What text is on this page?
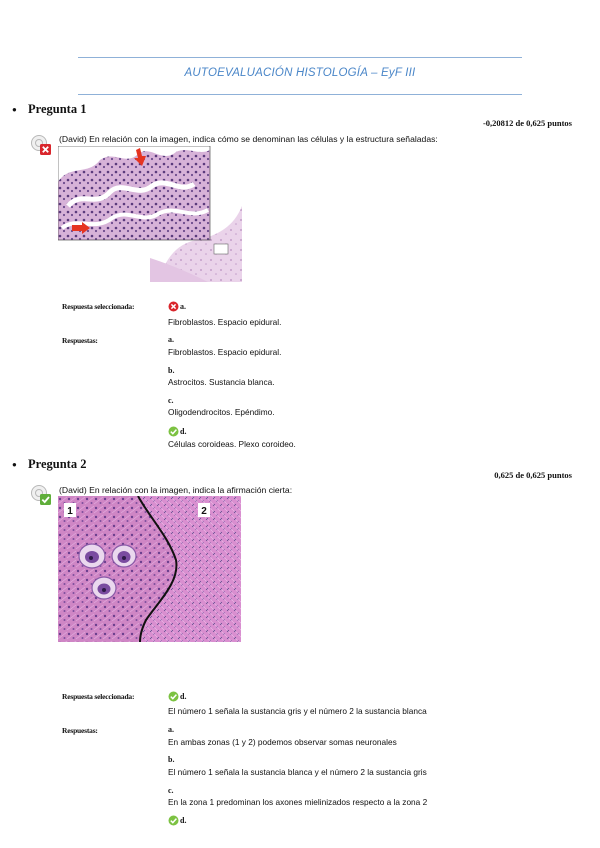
AUTOEVALUACIÓN HISTOLOGÍA – EyF III
● Pregunta 1
-0,20812 de 0,625 puntos
(David) En relación con la imagen, indica cómo se denominan las células y la estructura señaladas:
Respuesta seleccionada:	a.
Fibroblastos. Espacio epidural.
Respuestas:	a.
Fibroblastos. Espacio epidural.
b.
Astrocitos. Sustancia blanca.
c.
Oligodendrocitos. Epéndimo.
d.
Células coroideas. Plexo coroideo.
● Pregunta 2
0,625 de 0,625 puntos
(David) En relación con la imagen, indica la afirmación cierta:
1	2
Respuesta seleccionada:	d.
El número 1 señala la sustancia gris y el número 2 la sustancia blanca
Respuestas:	a.
En ambas zonas (1 y 2) podemos observar somas neuronales
b.
El número 1 señala la sustancia blanca y el número 2 la sustancia gris
c.
En la zona 1 predominan los axones mielinizados respecto a la zona 2
d.
